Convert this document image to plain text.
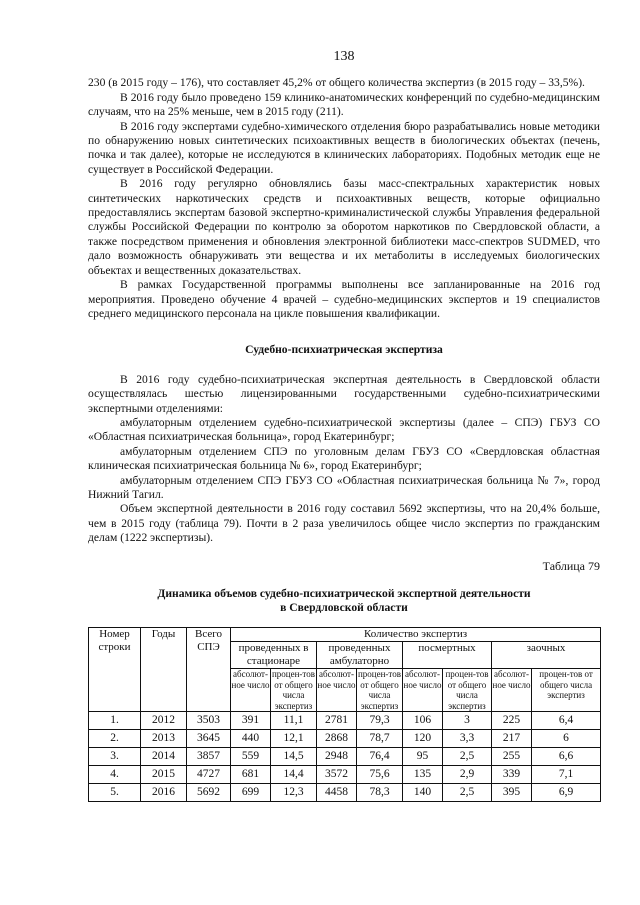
138

230 (в 2015 году – 176), что составляет 45,2% от общего количества экспертиз (в 2015 году – 33,5%).

В 2016 году было проведено 159 клинико-анатомических конференций по судебно-медицинским случаям, что на 25% меньше, чем в 2015 году (211).

В 2016 году экспертами судебно-химического отделения бюро разрабатывались новые методики по обнаружению новых синтетических психоактивных веществ в биологических объектах (печень, почка и так далее), которые не исследуются в клинических лабораториях. Подобных методик еще не существует в Российской Федерации.

В 2016 году регулярно обновлялись базы масс-спектральных характеристик новых синтетических наркотических средств и психоактивных веществ, которые официально предоставлялись экспертам базовой экспертно-криминалистической службы Управления федеральной службы Российской Федерации по контролю за оборотом наркотиков по Свердловской области, а также посредством применения и обновления электронной библиотеки масс-спектров SUDMED, что дало возможность обнаруживать эти вещества и их метаболиты в исследуемых биологических объектах и вещественных доказательствах.

В рамках Государственной программы выполнены все запланированные на 2016 год мероприятия. Проведено обучение 4 врачей – судебно-медицинских экспертов и 19 специалистов среднего медицинского персонала на цикле повышения квалификации.

Судебно-психиатрическая экспертиза

В 2016 году судебно-психиатрическая экспертная деятельность в Свердловской области осуществлялась шестью лицензированными государственными судебно-психиатрическими экспертными отделениями:

амбулаторным отделением судебно-психиатрической экспертизы (далее – СПЭ) ГБУЗ СО «Областная психиатрическая больница», город Екатеринбург;

амбулаторным отделением СПЭ по уголовным делам ГБУЗ СО «Свердловская областная клиническая психиатрическая больница № 6», город Екатеринбург;

амбулаторным отделением СПЭ ГБУЗ СО «Областная психиатрическая больница № 7», город Нижний Тагил.

Объем экспертной деятельности в 2016 году составил 5692 экспертизы, что на 20,4% больше, чем в 2015 году (таблица 79). Почти в 2 раза увеличилось общее число экспертиз по гражданским делам (1222 экспертизы).

Таблица 79
Динамика объемов судебно-психиатрической экспертной деятельности
в Свердловской области
Номер строки	Годы	Всего СПЭ	Количество экспертиз							
			проведенных в стационаре		проведенных амбулаторно		посмертных		заочных	
			абсолют-ное число	процен-тов от общего числа экспертиз	абсолют-ное число	процен-тов от общего числа экспертиз	абсолют-ное число	процен-тов от общего числа экспертиз	абсолют-ное число	процен-тов от общего числа экспертиз
1.	2012	3503	391	11,1	2781	79,3	106	3	225	6,4
2.	2013	3645	440	12,1	2868	78,7	120	3,3	217	6
3.	2014	3857	559	14,5	2948	76,4	95	2,5	255	6,6
4.	2015	4727	681	14,4	3572	75,6	135	2,9	339	7,1
5.	2016	5692	699	12,3	4458	78,3	140	2,5	395	6,9
